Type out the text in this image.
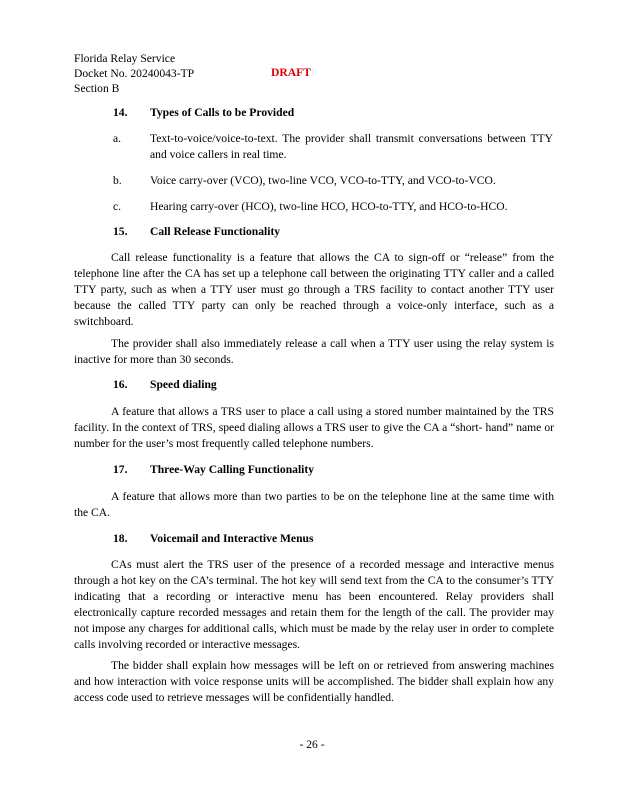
Florida Relay Service
Docket No. 20240043-TP
Section B
DRAFT
14. Types of Calls to be Provided
a. Text-to-voice/voice-to-text. The provider shall transmit conversations between TTY and voice callers in real time.
b. Voice carry-over (VCO), two-line VCO, VCO-to-TTY, and VCO-to-VCO.
c. Hearing carry-over (HCO), two-line HCO, HCO-to-TTY, and HCO-to-HCO.
15. Call Release Functionality
Call release functionality is a feature that allows the CA to sign-off or “release” from the telephone line after the CA has set up a telephone call between the originating TTY caller and a called TTY party, such as when a TTY user must go through a TRS facility to contact another TTY user because the called TTY party can only be reached through a voice-only interface, such as a switchboard.
The provider shall also immediately release a call when a TTY user using the relay system is inactive for more than 30 seconds.
16. Speed dialing
A feature that allows a TRS user to place a call using a stored number maintained by the TRS facility. In the context of TRS, speed dialing allows a TRS user to give the CA a “short- hand” name or number for the user’s most frequently called telephone numbers.
17. Three-Way Calling Functionality
A feature that allows more than two parties to be on the telephone line at the same time with the CA.
18. Voicemail and Interactive Menus
CAs must alert the TRS user of the presence of a recorded message and interactive menus through a hot key on the CA’s terminal. The hot key will send text from the CA to the consumer’s TTY indicating that a recording or interactive menu has been encountered. Relay providers shall electronically capture recorded messages and retain them for the length of the call. The provider may not impose any charges for additional calls, which must be made by the relay user in order to complete calls involving recorded or interactive messages.
The bidder shall explain how messages will be left on or retrieved from answering machines and how interaction with voice response units will be accomplished. The bidder shall explain how any access code used to retrieve messages will be confidentially handled.
- 26 -
